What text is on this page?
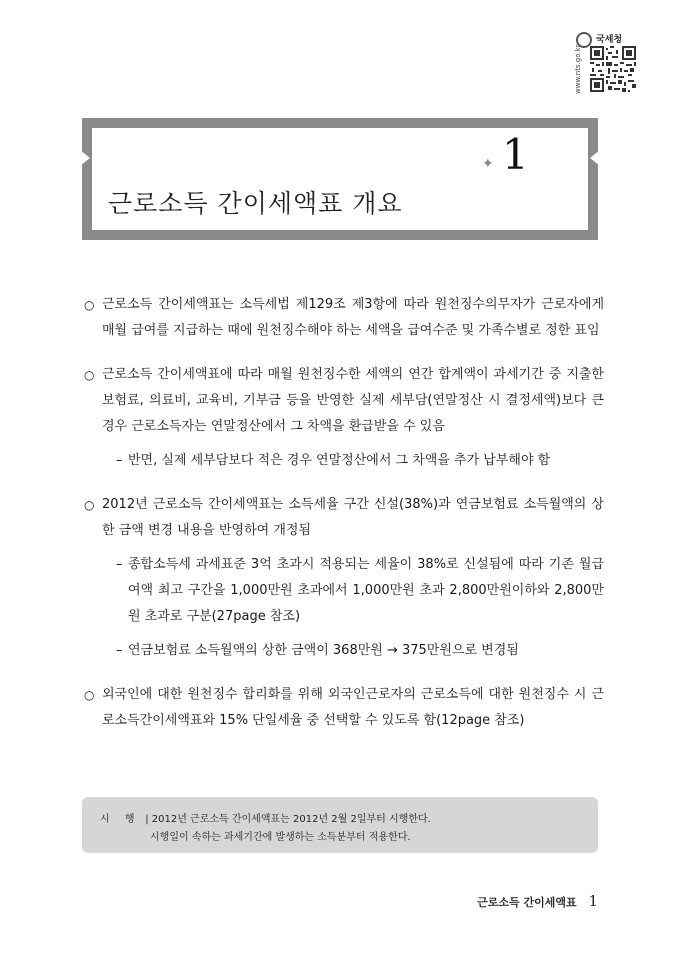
국세청
www.nts.go.kr
✦ 1
근로소득 간이세액표 개요
○ 근로소득 간이세액표는 소득세법 제129조 제3항에 따라 원천징수의무자가 근로자에게 매월 급여를 지급하는 때에 원천징수해야 하는 세액을 급여수준 및 가족수별로 정한 표임
○ 근로소득 간이세액표에 따라 매월 원천징수한 세액의 연간 합계액이 과세기간 중 지출한 보험료, 의료비, 교육비, 기부금 등을 반영한 실제 세부담(연말정산 시 결정세액)보다 큰 경우 근로소득자는 연말정산에서 그 차액을 환급받을 수 있음
– 반면, 실제 세부담보다 적은 경우 연말정산에서 그 차액을 추가 납부해야 함
○ 2012년 근로소득 간이세액표는 소득세율 구간 신설(38%)과 연금보험료 소득월액의 상한 금액 변경 내용을 반영하여 개정됨
– 종합소득세 과세표준 3억 초과시 적용되는 세율이 38%로 신설됨에 따라 기존 월급여액 최고 구간을 1,000만원 초과에서 1,000만원 초과 2,800만원이하와 2,800만원 초과로 구분(27page 참조)
– 연금보험료 소득월액의 상한 금액이 368만원 → 375만원으로 변경됨
○ 외국인에 대한 원천징수 합리화를 위해 외국인근로자의 근로소득에 대한 원천징수 시 근로소득간이세액표와 15% 단일세율 중 선택할 수 있도록 함(12page 참조)
시 행 | 2012년 근로소득 간이세액표는 2012년 2월 2일부터 시행한다.
시행일이 속하는 과세기간에 발생하는 소득분부터 적용한다.
근로소득 간이세액표 1
